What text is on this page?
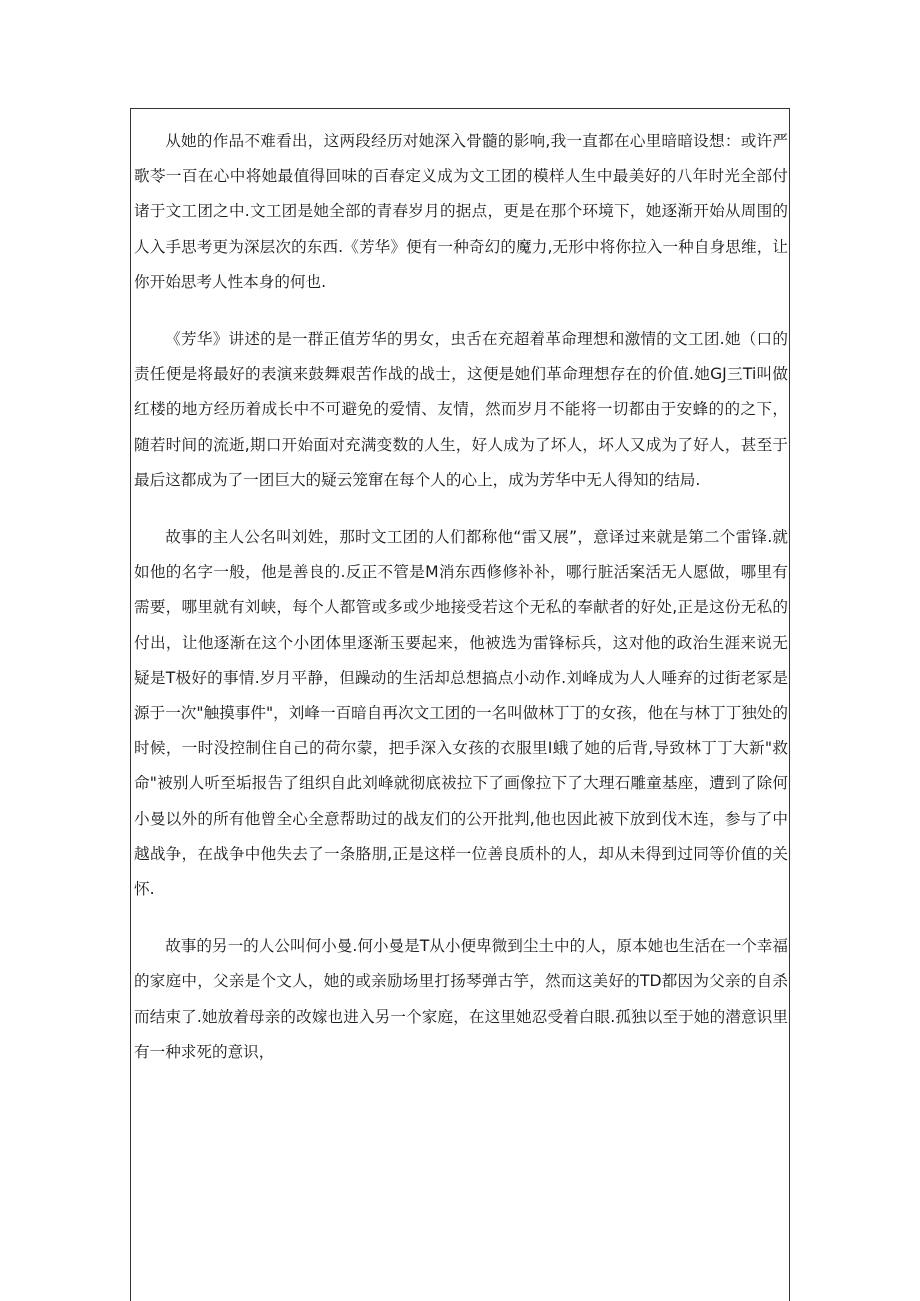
从她的作品不难看出，这两段经历对她深入骨髓的影响,我一直都在心里暗暗设想：或许严歌苓一百在心中将她最值得回味的百春定义成为文工团的模样人生中最美好的八年时光全部付诸于文工团之中.文工团是她全部的青春岁月的据点，更是在那个环境下，她逐渐开始从周围的人入手思考更为深层次的东西.《芳华》便有一种奇幻的魔力,无形中将你拉入一种自身思维，让你开始思考人性本身的何也.

《芳华》讲述的是一群正值芳华的男女，虫舌在充超着革命理想和激情的文工团.她（口的责任便是将最好的表演来鼓舞艰苦作战的战士，这便是她们革命理想存在的价值.她GJ三Ti叫做红楼的地方经历着成长中不可避免的爱情、友情，然而岁月不能将一切都由于安蜂的的之下，随若时间的流逝,期口开始面对充满变数的人生，好人成为了坏人，坏人又成为了好人，甚至于最后这都成为了一团巨大的疑云笼窜在每个人的心上，成为芳华中无人得知的结局.

故事的主人公名叫刘姓，那时文工团的人们都称他“雷又展”，意译过来就是第二个雷锋.就如他的名字一般，他是善良的.反正不管是M消东西修修补补，哪行脏活案活无人愿做，哪里有需要，哪里就有刘峡，每个人都管或多或少地接受若这个无私的奉献者的好处,正是这份无私的付出，让他逐渐在这个小团体里逐渐玉要起来，他被选为雷锋标兵，这对他的政治生涯来说无疑是T极好的事情.岁月平静，但躁动的生活却总想搞点小动作.刘峰成为人人唾弃的过街老冢是源于一次"触摸事件"，刘峰一百暗自再次文工团的一名叫做林丁丁的女孩，他在与林丁丁独处的时候，一时没控制住自己的荷尔蒙，把手深入女孩的衣服里I蛾了她的后背,导致林丁丁大新"救命"被别人听至垢报告了组织自此刘峰就彻底祓拉下了画像拉下了大理石雕童基座，遭到了除何小曼以外的所有他曾全心全意帮助过的战友们的公开批判,他也因此被下放到伐木连，参与了中越战争，在战争中他失去了一条胳朋,正是这样一位善良质朴的人，却从未得到过同等价值的关怀.

故事的另一的人公叫何小曼.何小曼是T从小便卑微到尘土中的人，原本她也生活在一个幸福的家庭中，父亲是个文人，她的或亲励场里打扬琴弹古竽，然而这美好的TD都因为父亲的自杀而结束了.她放着母亲的改嫁也进入另一个家庭，在这里她忍受着白眼.孤独以至于她的潜意识里有一种求死的意识，
